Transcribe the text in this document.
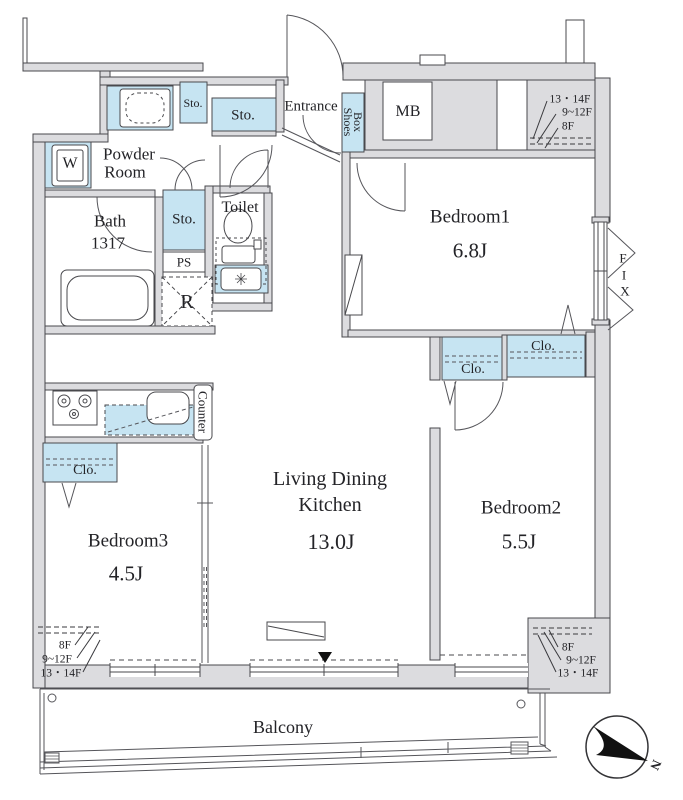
Powder
Room
Bath
1317
Toilet
Entrance	MB
Sto.
Sto.
Sto.
Shoes
Box
PS
R
W
Counter
Clo.
Clo.
Clo.
Bedroom1
6.8J
Bedroom2
5.5J
Bedroom3
4.5J
Living Dining
Kitchen
13.0J
Balcony
F
I
X
N
13・14F
9~12F
8F
8F
9~12F
13・14F
8F
9~12F
13・14F
